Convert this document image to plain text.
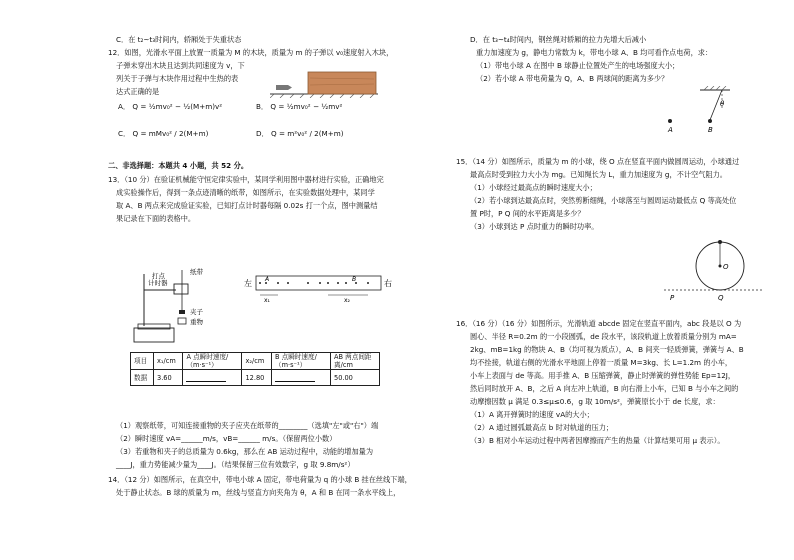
C．在 t₂~t₃时间内，轿厢处于失重状态
12．如图，光滑水平面上放置一质量为 M 的木块，质量为 m 的子弹以 v₀速度射入木块，
子弹未穿出木块且达到共同速度为 v，下
列关于子弹与木块作用过程中生热的表
达式正确的是
A． Q = ½mv₀² − ½(M+m)v²	B． Q = ½mv₀² − ½mv²
C． Q = mMv₀² / 2(M+m)	D． Q = m²v₀² / 2(M+m)
二、非选择题：本题共 4 小题，共 52 分。
13．（10 分）在验证机械能守恒定律实验中，某同学利用图中器材进行实验，正确地完
成实验操作后，得到一条点迹清晰的纸带，如图所示，在实验数据处理中，某同学
取 A、B 两点来完成验证实验，已知打点计时器每隔 0.02s 打一个点，图中测量结
果记录在下面的表格中。
项目	x₁/cm	A 点瞬时速度/（m·s⁻¹）	x₂/cm	B 点瞬时速度/（m·s⁻¹）	AB 两点间距离/cm
数据	3.60		12.80		50.00
（1）观察纸带，可知连接重物的夹子应夹在纸带的________（选填"左"或"右"）端
（2）瞬时速度 vA=______m/s，vB=______ m/s。（保留两位小数）
（3）若重物和夹子的总质量为 0.6kg，那么在 AB 运动过程中，动能的增加量为
____J，重力势能减少量为____J。（结果保留三位有效数字，g 取 9.8m/s²）
14．（12 分）如图所示，在真空中，带电小球 A 固定，带电荷量为 q 的小球 B 挂在丝线下端，
处于静止状态。B 球的质量为 m，丝线与竖直方向夹角为 θ，A 和 B 在同一条水平线上，
打点
计时器
纸带
夹子
重物
左	右
A	B
x₁	x₂
D．在 t₃~t₄时间内，钢丝绳对轿厢的拉力先增大后减小
重力加速度为 g，静电力常数为 k，带电小球 A、B 均可看作点电荷，求：
（1）带电小球 A 在图中 B 球静止位置处产生的电场强度大小；
（2）若小球 A 带电荷量为 Q，A、B 两球间的距离为多少？
15．（14 分）如图所示，质量为 m 的小球，绕 O 点在竖直平面内做圆周运动，小球通过
最高点时受到拉力大小为 mg。已知绳长为 L，重力加速度为 g，不计空气阻力。
（1）小球经过最高点的瞬时速度大小；
（2）若小球到达最高点时，突然剪断细绳，小球落至与圆周运动最低点 Q 等高处位
置 P时，P Q 间的水平距离是多少？
（3）小球到达 P 点时重力的瞬时功率。
16．（16 分）（16 分）如图所示，光滑轨道 abcde 固定在竖直平面内，abc 段是以 O 为
圆心、半径 R=0.2m 的一小段圆弧，de 段水平，该段轨道上放着质量分别为 mA=
2kg、mB=1kg 的物块 A、B（均可视为质点），A、B 间夹一轻质弹簧，弹簧与 A、B
均不拴接，轨道右侧的光滑水平地面上停着一质量 M=3kg、长 L=1.2m 的小车，
小车上表面与 de 等高。用手推 A、B 压缩弹簧，静止时弹簧的弹性势能 Ep=12J，
然后同时放开 A、B，之后 A 向左冲上轨道，B 向右滑上小车，已知 B 与小车之间的
动摩擦因数 μ 满足 0.3≤μ≤0.6，g 取 10m/s²，弹簧原长小于 de 长度，求：
（1）A 离开弹簧时的速度 vA的大小；
（2）A 通过圆弧最高点 b 时对轨道的压力；
（3）B 相对小车运动过程中两者因摩擦而产生的热量（计算结果可用 μ 表示）。
θ
A	B
O
P	Q
